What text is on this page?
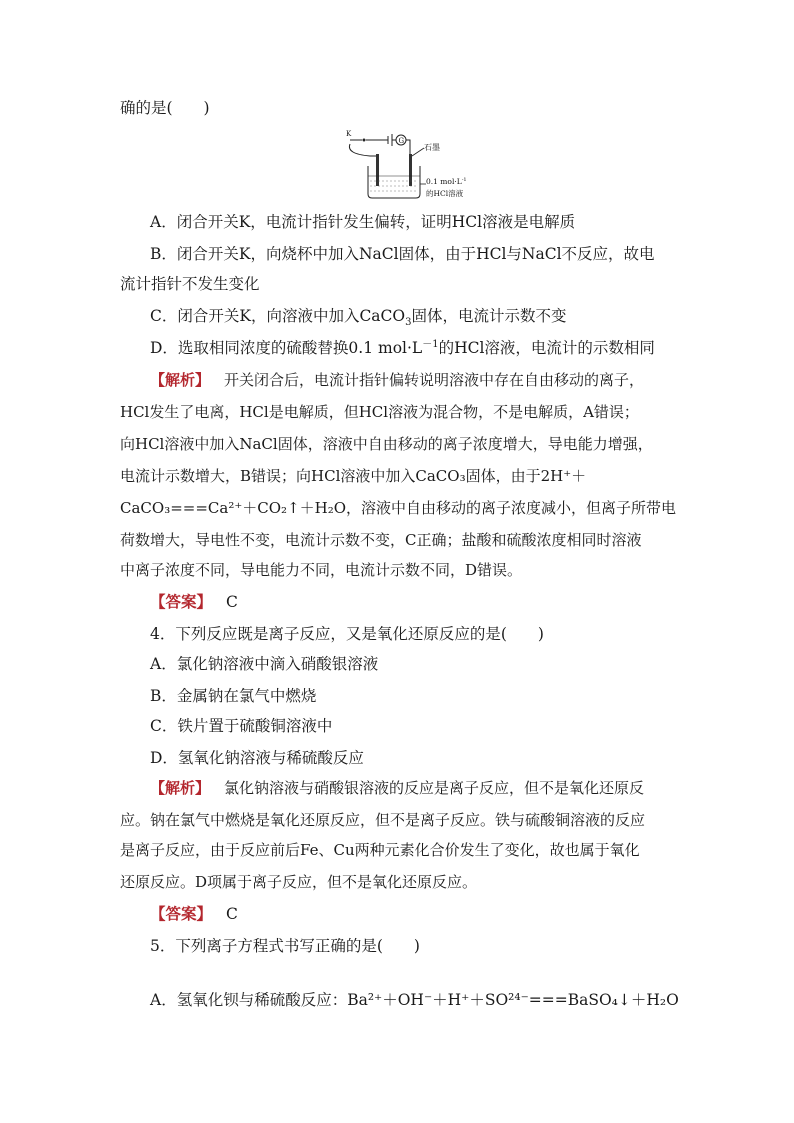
确的是(　　)
G
K
石墨
0.1 $mol\cdot L^{-1}$
的HCl溶液
A．闭合开关K，电流计指针发生偏转，证明HCl溶液是电解质
B．闭合开关K，向烧杯中加入NaCl固体，由于HCl与NaCl不反应，故电
流计指针不发生变化
C．闭合开关K，向溶液中加入CaCO$_3$固体，电流计示数不变
D．选取相同浓度的硫酸替换0.1 $mol\cdot L^{-1}$的HCl溶液，电流计的示数相同
【解析】 开关闭合后，电流计指针偏转说明溶液中存在自由移动的离子，
HCl发生了电离，HCl是电解质，但HCl溶液为混合物，不是电解质，A错误；
向HCl溶液中加入NaCl固体，溶液中自由移动的离子浓度增大，导电能力增强，
电流计示数增大，B错误；向HCl溶液中加入CaCO₃固体，由于2H⁺＋
CaCO₃===Ca²⁺＋CO₂↑＋H₂O，溶液中自由移动的离子浓度减小，但离子所带电
荷数增大，导电性不变，电流计示数不变，C正确；盐酸和硫酸浓度相同时溶液
中离子浓度不同，导电能力不同，电流计示数不同，D错误。
【答案】 C
4．下列反应既是离子反应，又是氧化还原反应的是(　　)
A．氯化钠溶液中滴入硝酸银溶液
B．金属钠在氯气中燃烧
C．铁片置于硫酸铜溶液中
D．氢氧化钠溶液与稀硫酸反应
【解析】 氯化钠溶液与硝酸银溶液的反应是离子反应，但不是氧化还原反
应。钠在氯气中燃烧是氧化还原反应，但不是离子反应。铁与硫酸铜溶液的反应
是离子反应，由于反应前后Fe、Cu两种元素化合价发生了变化，故也属于氧化
还原反应。D项属于离子反应，但不是氧化还原反应。
【答案】 C
5．下列离子方程式书写正确的是(　　)
A．氢氧化钡与稀硫酸反应：Ba²⁺＋OH⁻＋H⁺＋SO²⁴⁻===BaSO₄↓＋H₂O
